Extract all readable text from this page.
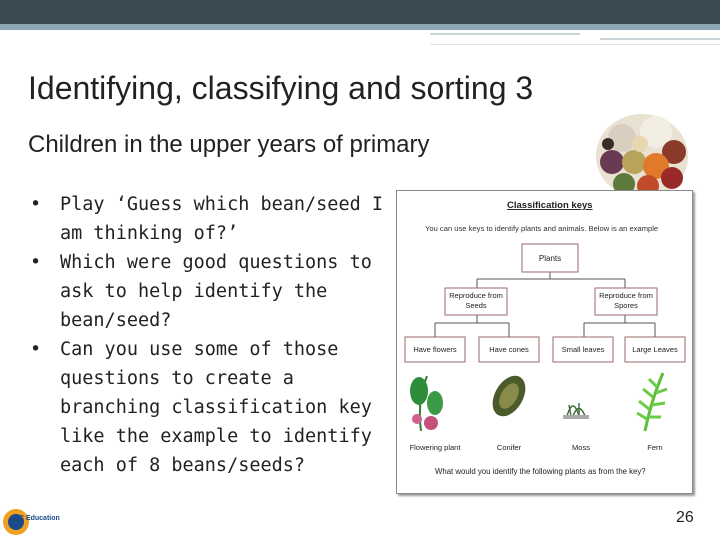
Identifying, classifying and sorting 3
Children in the upper years of primary
• Play ‘Guess which bean/seed I am thinking of?’
• Which were good questions to ask to help identify the bean/seed?
• Can you use some of those questions to create a branching classification key like the example to identify each of 8 beans/seeds?
Classification keys
You can use keys to identify plants and animals. Below is an example
Plants
Reproduce from Seeds
Reproduce from Spores
Have flowers	Have cones	Small leaves	Large Leaves
Flowering plant	Conifer	Moss	Fern
What would you identify the following plants as from the key?
JNC Education	26
